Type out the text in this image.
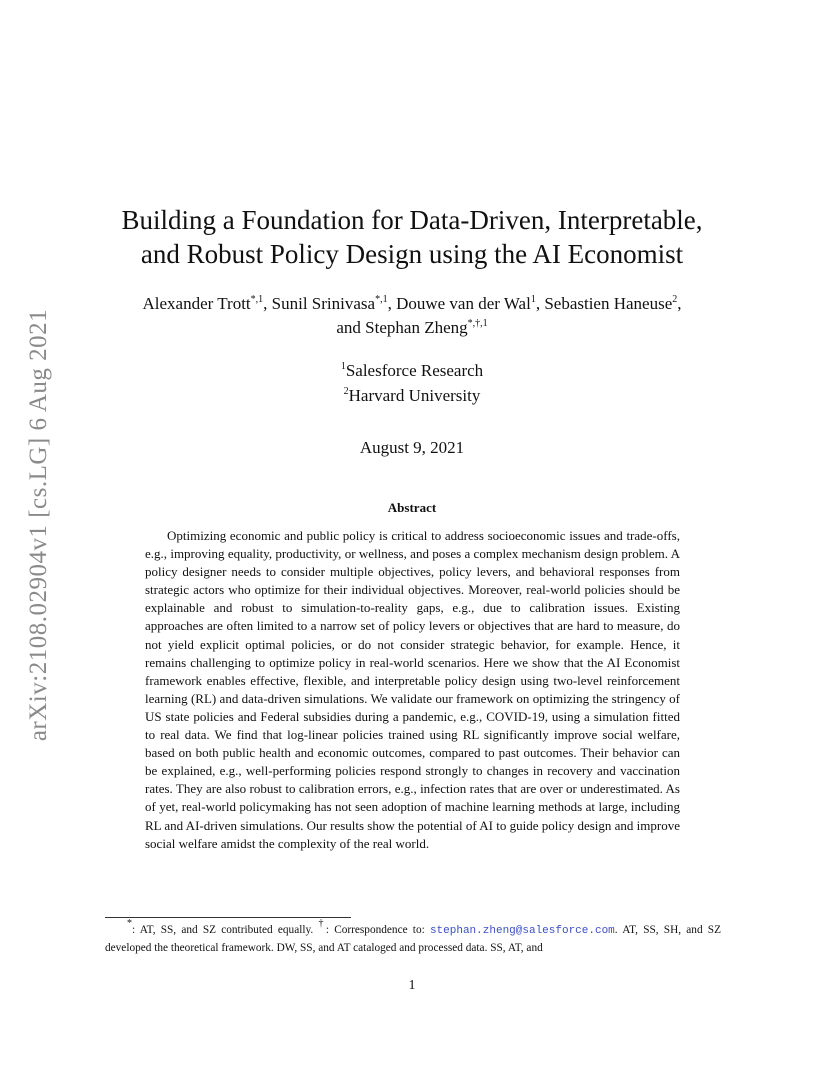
arXiv:2108.02904v1 [cs.LG] 6 Aug 2021
Building a Foundation for Data-Driven, Interpretable,
and Robust Policy Design using the AI Economist
Alexander Trott$^{*,1}$, Sunil Srinivasa$^{*,1}$, Douwe van der Wal$^1$, Sebastien Haneuse$^2$,
and Stephan Zheng$^{*,\dagger,1}$
$^1$Salesforce Research
$^2$Harvard University
August 9, 2021
Abstract

Optimizing economic and public policy is critical to address socioeconomic issues and trade-offs, e.g., improving equality, productivity, or wellness, and poses a complex mechanism design problem. A policy designer needs to consider multiple objectives, policy levers, and behavioral responses from strategic actors who optimize for their individual objectives. Moreover, real-world policies should be explainable and robust to simulation-to-reality gaps, e.g., due to calibration issues. Existing approaches are often limited to a narrow set of policy levers or objectives that are hard to measure, do not yield explicit optimal policies, or do not consider strategic behavior, for example. Hence, it remains challenging to optimize policy in real-world scenarios. Here we show that the AI Economist framework enables effective, flexible, and interpretable policy design using two-level reinforcement learning (RL) and data-driven simulations. We validate our framework on optimizing the stringency of US state policies and Federal subsidies during a pandemic, e.g., COVID-19, using a simulation fitted to real data. We find that log-linear policies trained using RL significantly improve social welfare, based on both public health and economic outcomes, compared to past outcomes. Their behavior can be explained, e.g., well-performing policies respond strongly to changes in recovery and vaccination rates. They are also robust to calibration errors, e.g., infection rates that are over or underestimated. As of yet, real-world policymaking has not seen adoption of machine learning methods at large, including RL and AI-driven simulations. Our results show the potential of AI to guide policy design and improve social welfare amidst the complexity of the real world.

*: AT, SS, and SZ contributed equally. †: Correspondence to: stephan.zheng@salesforce.com. AT, SS, SH, and SZ developed the theoretical framework. DW, SS, and AT cataloged and processed data. SS, AT, and

1
